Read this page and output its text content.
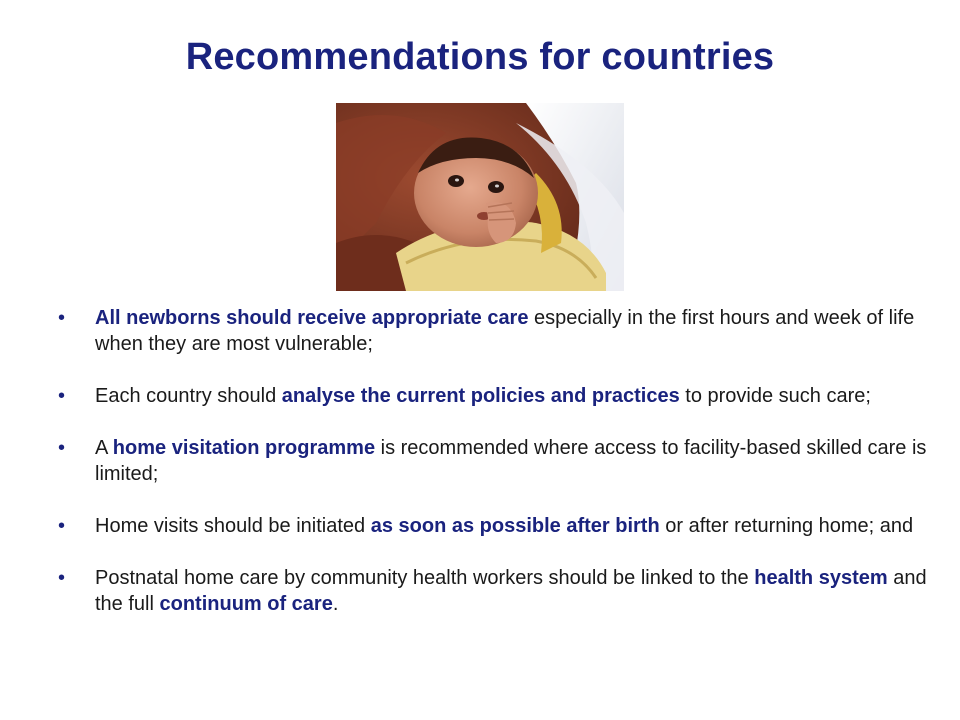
Recommendations for countries
• All newborns should receive appropriate care especially in the first hours and week of life when they are most vulnerable;
• Each country should analyse the current policies and practices to provide such care;
• A home visitation programme is recommended where access to facility-based skilled care is limited;
• Home visits should be initiated as soon as possible after birth or after returning home; and
• Postnatal home care by community health workers should be linked to the health system and the full continuum of care.
